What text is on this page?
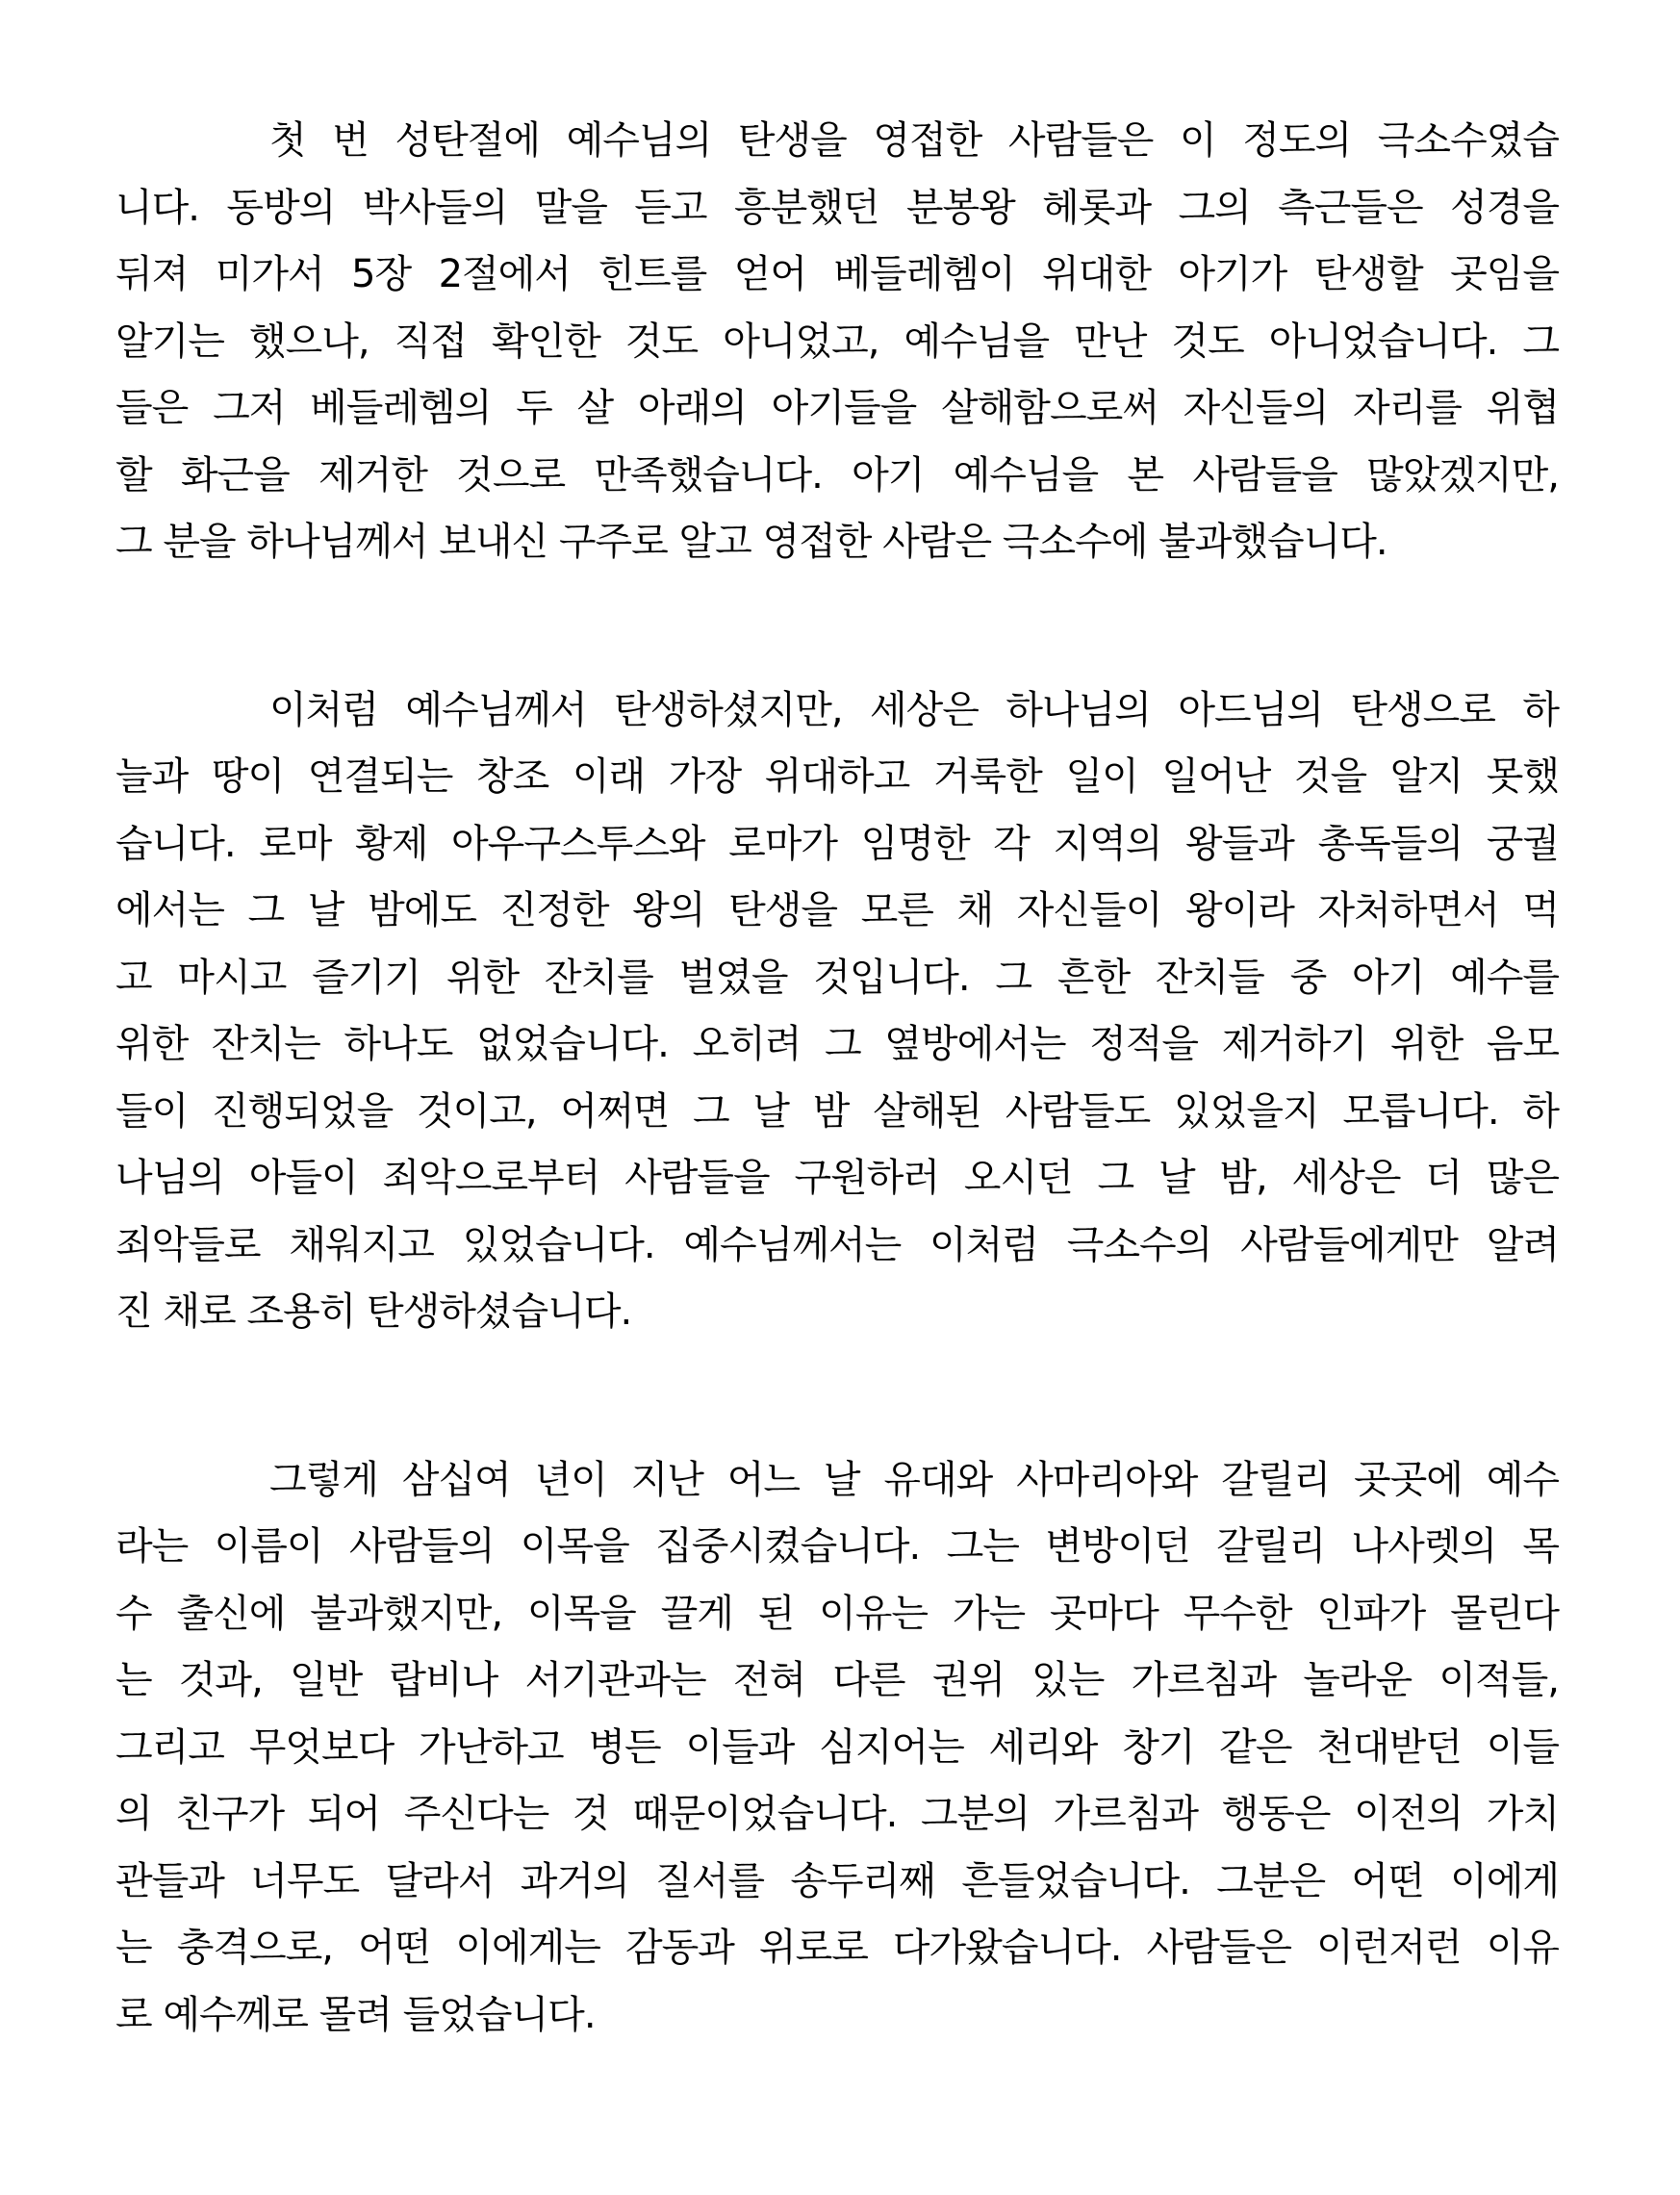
첫 번 성탄절에 예수님의 탄생을 영접한 사람들은 이 정도의 극소수였습
니다. 동방의 박사들의 말을 듣고 흥분했던 분봉왕 헤롯과 그의 측근들은 성경을
뒤져 미가서 5장 2절에서 힌트를 얻어 베들레헴이 위대한 아기가 탄생할 곳임을
알기는 했으나, 직접 확인한 것도 아니었고, 예수님을 만난 것도 아니었습니다. 그
들은 그저 베들레헴의 두 살 아래의 아기들을 살해함으로써 자신들의 자리를 위협
할 화근을 제거한 것으로 만족했습니다. 아기 예수님을 본 사람들을 많았겠지만,
그 분을 하나님께서 보내신 구주로 알고 영접한 사람은 극소수에 불과했습니다.
이처럼 예수님께서 탄생하셨지만, 세상은 하나님의 아드님의 탄생으로 하
늘과 땅이 연결되는 창조 이래 가장 위대하고 거룩한 일이 일어난 것을 알지 못했
습니다. 로마 황제 아우구스투스와 로마가 임명한 각 지역의 왕들과 총독들의 궁궐
에서는 그 날 밤에도 진정한 왕의 탄생을 모른 채 자신들이 왕이라 자처하면서 먹
고 마시고 즐기기 위한 잔치를 벌였을 것입니다. 그 흔한 잔치들 중 아기 예수를
위한 잔치는 하나도 없었습니다. 오히려 그 옆방에서는 정적을 제거하기 위한 음모
들이 진행되었을 것이고, 어쩌면 그 날 밤 살해된 사람들도 있었을지 모릅니다. 하
나님의 아들이 죄악으로부터 사람들을 구원하러 오시던 그 날 밤, 세상은 더 많은
죄악들로 채워지고 있었습니다. 예수님께서는 이처럼 극소수의 사람들에게만 알려
진 채로 조용히 탄생하셨습니다.
그렇게 삼십여 년이 지난 어느 날 유대와 사마리아와 갈릴리 곳곳에 예수
라는 이름이 사람들의 이목을 집중시켰습니다. 그는 변방이던 갈릴리 나사렛의 목
수 출신에 불과했지만, 이목을 끌게 된 이유는 가는 곳마다 무수한 인파가 몰린다
는 것과, 일반 랍비나 서기관과는 전혀 다른 권위 있는 가르침과 놀라운 이적들,
그리고 무엇보다 가난하고 병든 이들과 심지어는 세리와 창기 같은 천대받던 이들
의 친구가 되어 주신다는 것 때문이었습니다. 그분의 가르침과 행동은 이전의 가치
관들과 너무도 달라서 과거의 질서를 송두리째 흔들었습니다. 그분은 어떤 이에게
는 충격으로, 어떤 이에게는 감동과 위로로 다가왔습니다. 사람들은 이런저런 이유
로 예수께로 몰려 들었습니다.
